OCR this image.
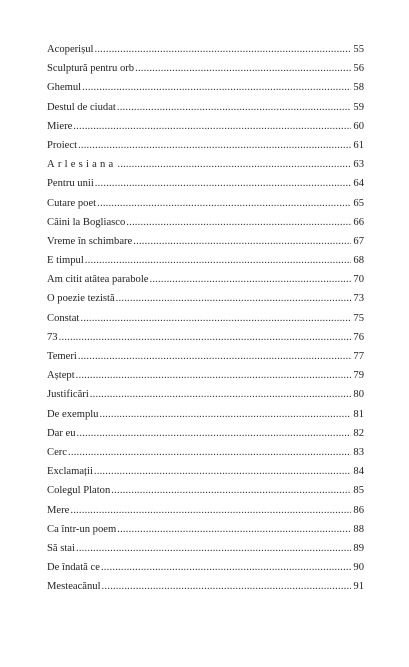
Acoperișul .....	55
Sculptură pentru orb .....	56
Ghemul .....	58
Destul de ciudat .....	59
Miere .....	60
Proiect .....	61
Arlesiana .....	63
Pentru unii .....	64
Cutare poet .....	65
Câini la Bogliasco .....	66
Vreme în schimbare .....	67
E timpul .....	68
Am citit atâtea parabole .....	70
O poezie tezistă .....	73
Constat .....	75
73 .....	76
Temeri .....	77
Aștept .....	79
Justificări .....	80
De exemplu .....	81
Dar eu .....	82
Cerc .....	83
Exclamații .....	84
Colegul Platon .....	85
Mere .....	86
Ca într-un poem .....	88
Să stai .....	89
De îndată ce .....	90
Mesteacănul .....	91
